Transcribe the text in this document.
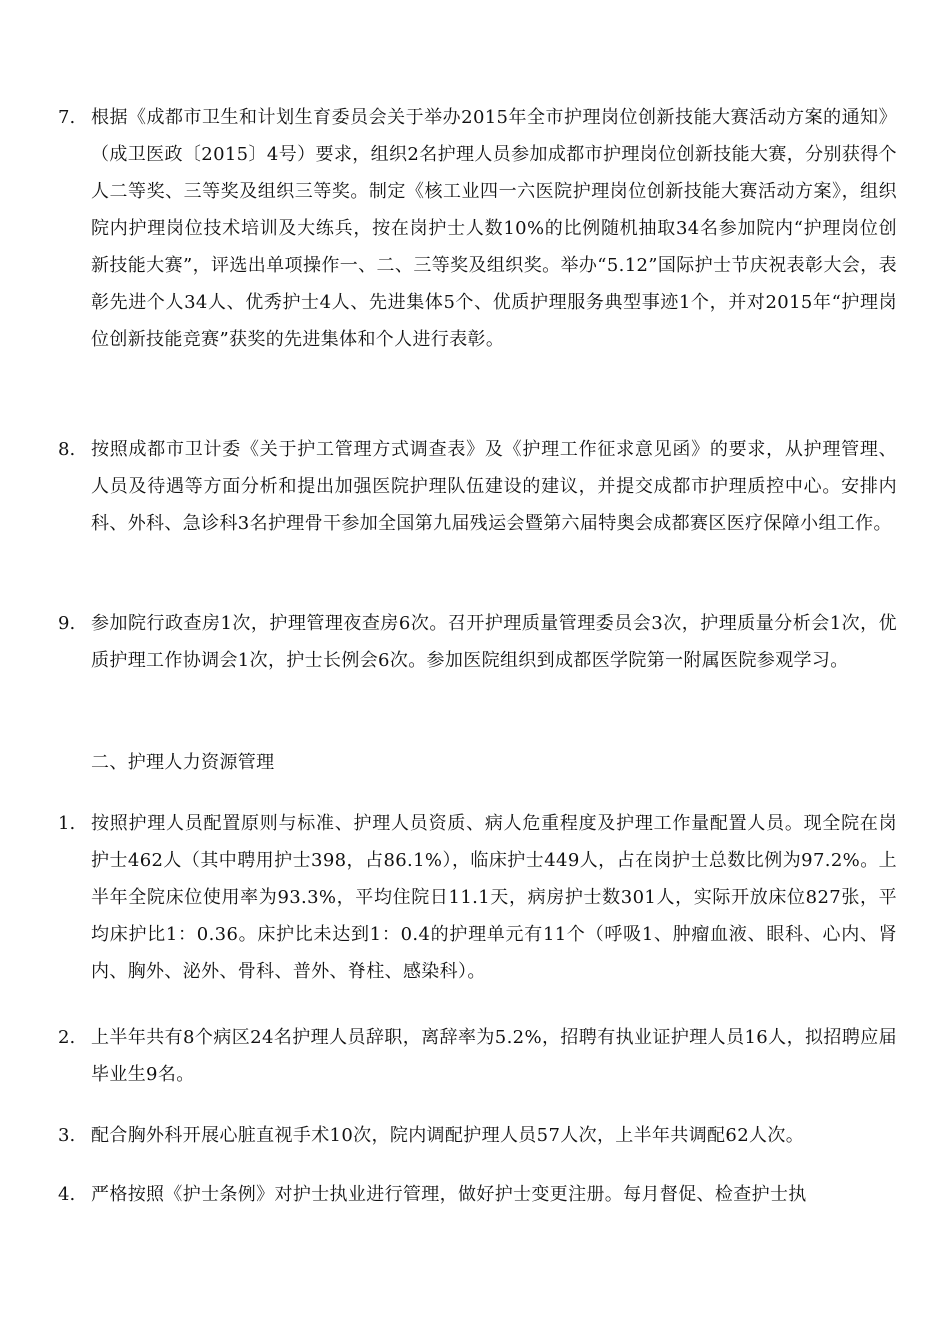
7. 根据《成都市卫生和计划生育委员会关于举办2015年全市护理岗位创新技能大赛活动方案的通知》（成卫医政〔2015〕4号）要求，组织2名护理人员参加成都市护理岗位创新技能大赛，分别获得个人二等奖、三等奖及组织三等奖。制定《核工业四一六医院护理岗位创新技能大赛活动方案》，组织院内护理岗位技术培训及大练兵，按在岗护士人数10%的比例随机抽取34名参加院内“护理岗位创新技能大赛”，评选出单项操作一、二、三等奖及组织奖。举办“5.12”国际护士节庆祝表彰大会，表彰先进个人34人、优秀护士4人、先进集体5个、优质护理服务典型事迹1个，并对2015年“护理岗位创新技能竞赛”获奖的先进集体和个人进行表彰。
8. 按照成都市卫计委《关于护工管理方式调查表》及《护理工作征求意见函》的要求，从护理管理、人员及待遇等方面分析和提出加强医院护理队伍建设的建议，并提交成都市护理质控中心。安排内科、外科、急诊科3名护理骨干参加全国第九届残运会暨第六届特奥会成都赛区医疗保障小组工作。
9. 参加院行政查房1次，护理管理夜查房6次。召开护理质量管理委员会3次，护理质量分析会1次，优质护理工作协调会1次，护士长例会6次。参加医院组织到成都医学院第一附属医院参观学习。
二、护理人力资源管理
1. 按照护理人员配置原则与标准、护理人员资质、病人危重程度及护理工作量配置人员。现全院在岗护士462人（其中聘用护士398，占86.1%），临床护士449人，占在岗护士总数比例为97.2%。上半年全院床位使用率为93.3%，平均住院日11.1天，病房护士数301人，实际开放床位827张，平均床护比1：0.36。床护比未达到1：0.4的护理单元有11个（呼吸1、肿瘤血液、眼科、心内、肾内、胸外、泌外、骨科、普外、脊柱、感染科）。
2. 上半年共有8个病区24名护理人员辞职，离辞率为5.2%，招聘有执业证护理人员16人，拟招聘应届毕业生9名。
3. 配合胸外科开展心脏直视手术10次，院内调配护理人员57人次，上半年共调配62人次。
4. 严格按照《护士条例》对护士执业进行管理，做好护士变更注册。每月督促、检查护士执
